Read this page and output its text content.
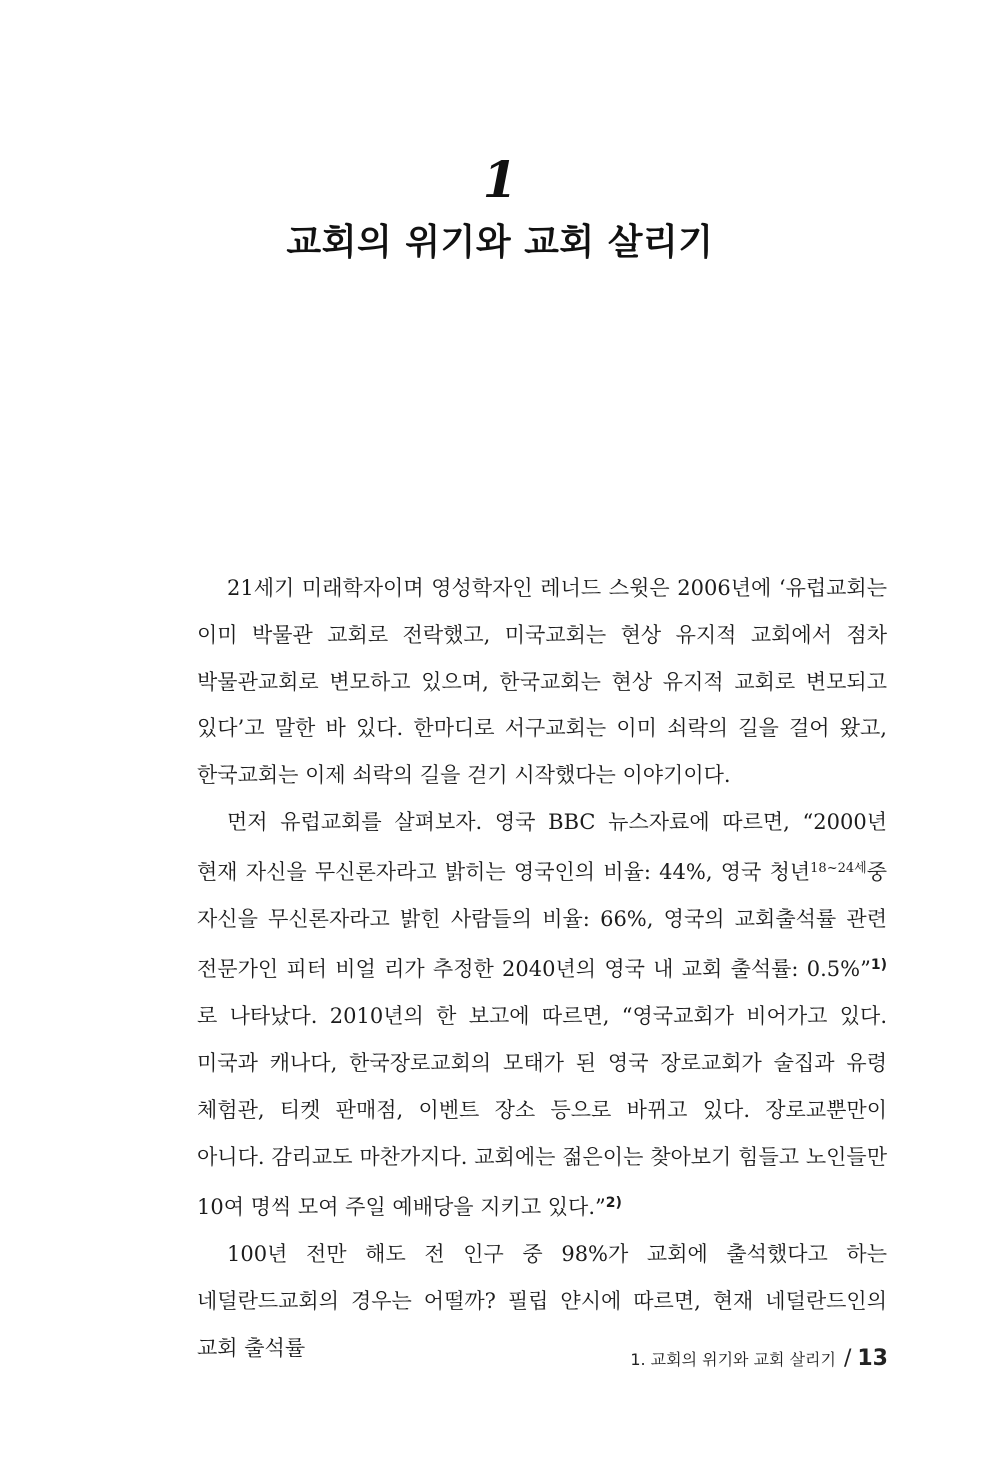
1
교회의 위기와 교회 살리기

21세기 미래학자이며 영성학자인 레너드 스윗은 2006년에 ‘유럽교회는 이미 박물관 교회로 전락했고, 미국교회는 현상 유지적 교회에서 점차 박물관교회로 변모하고 있으며, 한국교회는 현상 유지적 교회로 변모되고 있다’고 말한 바 있다. 한마디로 서구교회는 이미 쇠락의 길을 걸어 왔고, 한국교회는 이제 쇠락의 길을 걷기 시작했다는 이야기이다.

먼저 유럽교회를 살펴보자. 영국 BBC 뉴스자료에 따르면, “2000년 현재 자신을 무신론자라고 밝히는 영국인의 비율: 44%, 영국 청년$^{18\sim 24세}$중 자신을 무신론자라고 밝힌 사람들의 비율: 66%, 영국의 교회출석률 관련 전문가인 피터 비얼 리가 추정한 2040년의 영국 내 교회 출석률: 0.5%”$^{1)}$로 나타났다. 2010년의 한 보고에 따르면, “영국교회가 비어가고 있다. 미국과 캐나다, 한국장로교회의 모태가 된 영국 장로교회가 술집과 유령 체험관, 티켓 판매점, 이벤트 장소 등으로 바뀌고 있다. 장로교뿐만이 아니다. 감리교도 마찬가지다. 교회에는 젊은이는 찾아보기 힘들고 노인들만 10여 명씩 모여 주일 예배당을 지키고 있다.”$^{2)}$

100년 전만 해도 전 인구 중 98%가 교회에 출석했다고 하는 네덜란드교회의 경우는 어떨까? 필립 얀시에 따르면, 현재 네덜란드인의 교회 출석률	1. 교회의 위기와 교회 살리기 / 13
